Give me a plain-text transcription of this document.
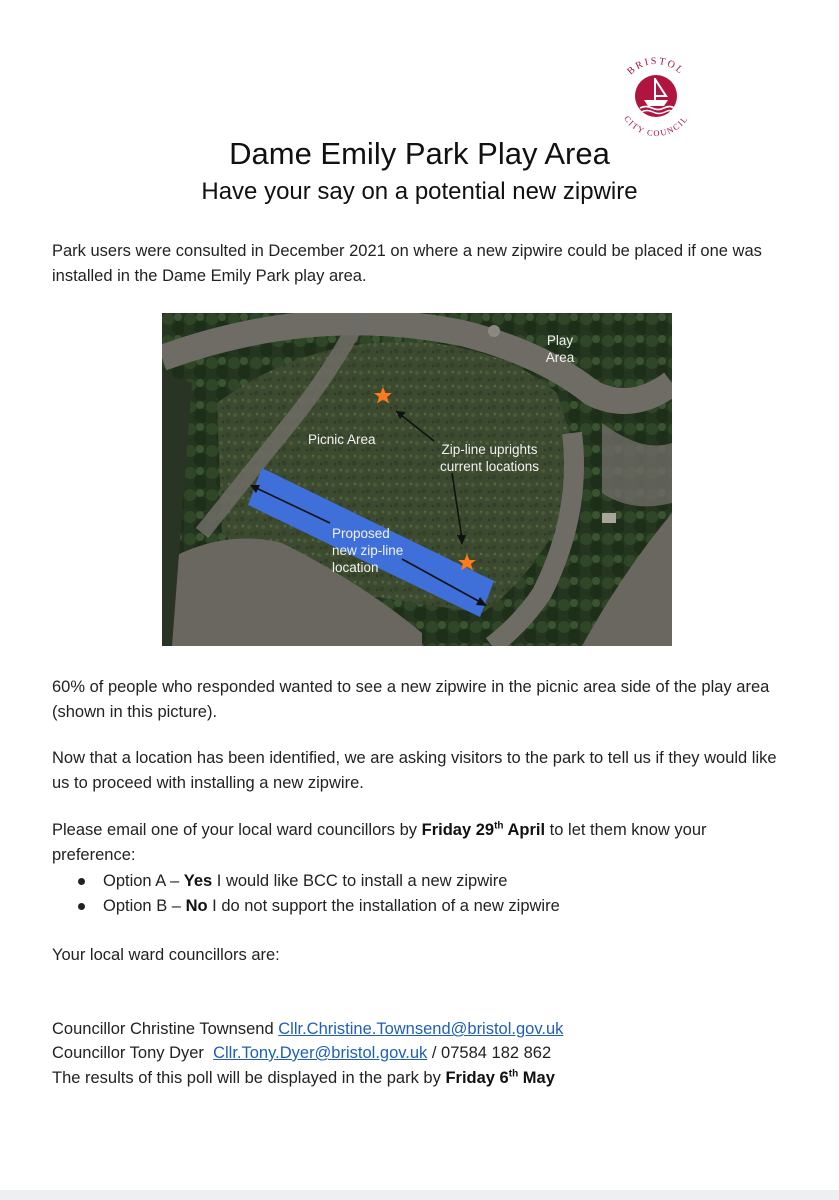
BRISTOL
CITY COUNCIL
Dame Emily Park Play Area
Have your say on a potential new zipwire

Park users were consulted in December 2021 on where a new zipwire could be placed if one was installed in the Dame Emily Park play area.

Play
Area
Picnic Area
Zip-line uprights
current locations
Proposed
new zip-line
location

60% of people who responded wanted to see a new zipwire in the picnic area side of the play area (shown in this picture).

Now that a location has been identified, we are asking visitors to the park to tell us if they would like us to proceed with installing a new zipwire.

Please email one of your local ward councillors by Friday 29th April to let them know your preference:

Option A – Yes I would like BCC to install a new zipwire
Option B – No I do not support the installation of a new zipwire

Your local ward councillors are:

Councillor Christine Townsend Cllr.Christine.Townsend@bristol.gov.uk

Councillor Tony Dyer  Cllr.Tony.Dyer@bristol.gov.uk / 07584 182 862

The results of this poll will be displayed in the park by Friday 6th May
